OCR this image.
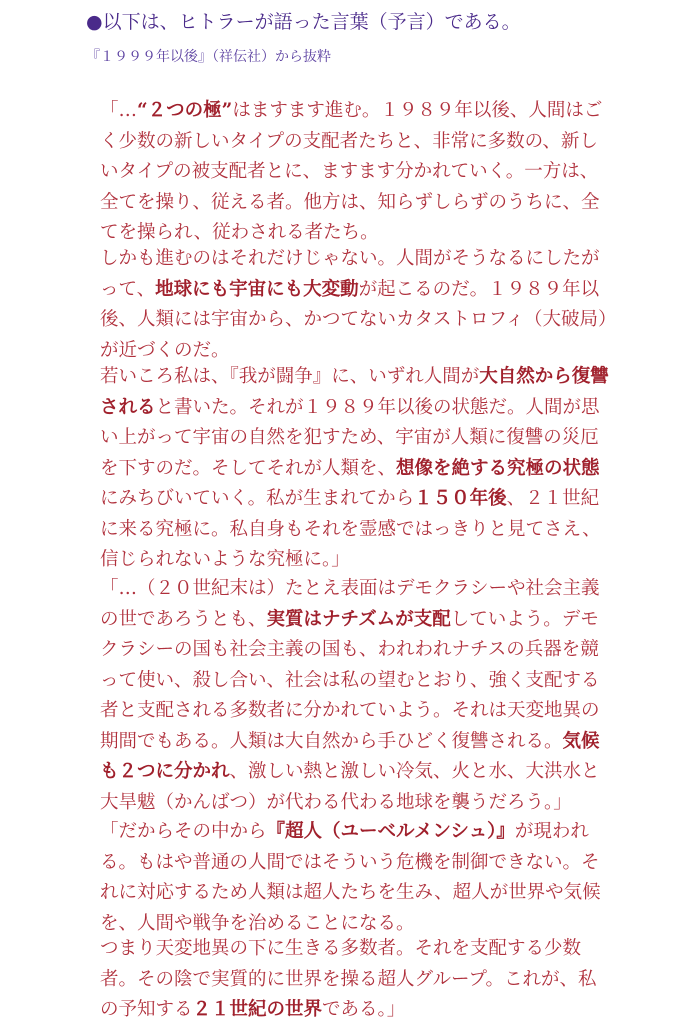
●以下は、ヒトラーが語った言葉（予言）である。
『１９９９年以後』（祥伝社）から抜粋

「…“２つの極”はますます進む。１９８９年以後、人間はごく少数の新しいタイプの支配者たちと、非常に多数の、新しいタイプの被支配者とに、ますます分かれていく。一方は、全てを操り、従える者。他方は、知らずしらずのうちに、全てを操られ、従わされる者たち。

しかも進むのはそれだけじゃない。人間がそうなるにしたがって、地球にも宇宙にも大変動が起こるのだ。１９８９年以後、人類には宇宙から、かつてないカタストロフィ（大破局）が近づくのだ。

若いころ私は、『我が闘争』に、いずれ人間が大自然から復讐されると書いた。それが１９８９年以後の状態だ。人間が思い上がって宇宙の自然を犯すため、宇宙が人類に復讐の災厄を下すのだ。そしてそれが人類を、想像を絶する究極の状態にみちびいていく。私が生まれてから１５０年後、２１世紀に来る究極に。私自身もそれを霊感ではっきりと見てさえ、信じられないような究極に。」

「…（２０世紀末は）たとえ表面はデモクラシーや社会主義の世であろうとも、実質はナチズムが支配していよう。デモクラシーの国も社会主義の国も、われわれナチスの兵器を競って使い、殺し合い、社会は私の望むとおり、強く支配する者と支配される多数者に分かれていよう。それは天変地異の期間でもある。人類は大自然から手ひどく復讐される。気候も２つに分かれ、激しい熱と激しい冷気、火と水、大洪水と大旱魃（かんばつ）が代わる代わる地球を襲うだろう。」

「だからその中から『超人（ユーベルメンシュ）』が現われる。もはや普通の人間ではそういう危機を制御できない。それに対応するため人類は超人たちを生み、超人が世界や気候を、人間や戦争を治めることになる。

つまり天変地異の下に生きる多数者。それを支配する少数者。その陰で実質的に世界を操る超人グループ。これが、私の予知する２１世紀の世界である。」
